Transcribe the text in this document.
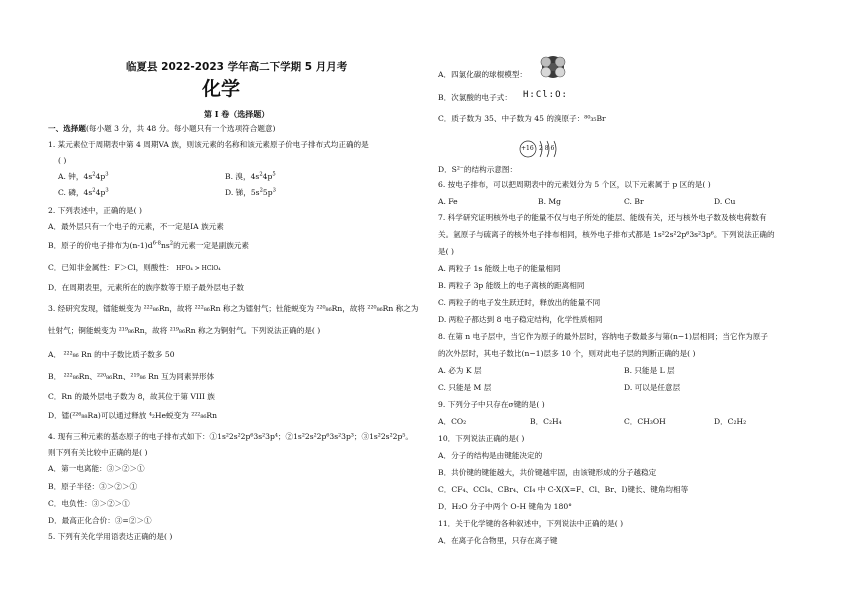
临夏县 2022-2023 学年高二下学期 5 月月考
化学
第 I 卷（选择题）
一、选择题(每小题 3 分，共 48 分。每小题只有一个选项符合题意)
1. 某元素位于周期表中第 4 周期VA 族，则该元素的名称和该元素原子价电子排布式均正确的是
( )
A. 钟，$4s^24p^3$	B. 溴，$4s^24p^5$
C. 磷，$4s^24p^3$	D. 锑，$5s^25p^3$
2. 下列表述中，正确的是( )
A．最外层只有一个电子的元素，不一定是IA 族元素
B．原子的价电子排布为$(n-1)d^{6-8}ns^2$的元素一定是副族元素
C．已知非金属性：F＞Cl，则酸性： HFO₄ > HClO₄
D．在周期表里，元素所在的族序数等于原子最外层电子数
3. 经研究发现，镭能蜕变为 ²²²₈₆Rn，故将 ²²²₈₆Rn 称之为镭射气；钍能蜕变为 ²²⁰₈₆Rn，故将 ²²⁰₈₆Rn 称之为
钍射气；锕能蜕变为 ²¹⁹₈₆Rn，故将 ²¹⁹₈₆Rn 称之为锕射气。下列说法正确的是( )
A． ²²²₈₆ Rn 的中子数比质子数多 50
B． ²²²₈₆Rn、²²⁰₈₆Rn、²¹⁹₈₆ Rn 互为同素异形体
C．Rn 的最外层电子数为 8，故其位于第 VIII 族
D．镭(²²⁶₈₈Ra)可以通过释放 ⁴₂He蜕变为 ²²²₈₆Rn
4. 现有三种元素的基态原子的电子排布式如下：①1s²2s²2p⁶3s²3p⁴；②1s²2s²2p⁶3s²3p³；③1s²2s²2p⁵。
则下列有关比较中正确的是( )
A．第一电离能：③＞②＞①
B．原子半径：③＞②＞①
C．电负性：③＞②＞①
D．最高正化合价：③=②＞①
5. 下列有关化学用语表达正确的是( )
A．四氯化碳的球棍模型：
B．次氯酸的电子式： H:Cl:O:
C．质子数为 35、中子数为 45 的溴原子：⁸⁰₃₅Br
+16 2 8 6
D．S²⁻的结构示意图：
6. 按电子排布，可以把周期表中的元素划分为 5 个区，以下元素属于 p 区的是( )
A. Fe	B. Mg	C. Br	D. Cu
7. 科学研究证明核外电子的能量不仅与电子所处的能层、能级有关，还与核外电子数及核电荷数有
关。氩原子与硫离子的核外电子排布相同，核外电子排布式都是 1s²2s²2p⁶3s²3p⁶。下列说法正确的
是( )
A. 两粒子 1s 能级上电子的能量相同
B. 两粒子 3p 能级上的电子离核的距离相同
C. 两粒子的电子发生跃迁时，释放出的能量不同
D. 两粒子都达到 8 电子稳定结构，化学性质相同
8. 在第 n 电子层中，当它作为原子的最外层时，容纳电子数最多与第(n−1)层相同；当它作为原子
的次外层时，其电子数比(n−1)层多 10 个，则对此电子层的判断正确的是( )
A. 必为 K 层	B. 只能是 L 层
C. 只能是 M 层	D. 可以是任意层
9. 下列分子中只存在σ键的是( )
A．CO₂	B．C₂H₄	C．CH₃OH	D．C₂H₂
10．下列说法正确的是( )
A．分子的结构是由键能决定的
B．共价键的键能越大，共价键越牢固，由该键形成的分子越稳定
C．CF₄、CCl₄、CBr₄、CI₄ 中 C-X(X=F、Cl、Br、I)键长、键角均相等
D．H₂O 分子中两个 O-H 键角为 180°
11．关于化学键的各种叙述中，下列说法中正确的是( )
A．在离子化合物里，只存在离子键
